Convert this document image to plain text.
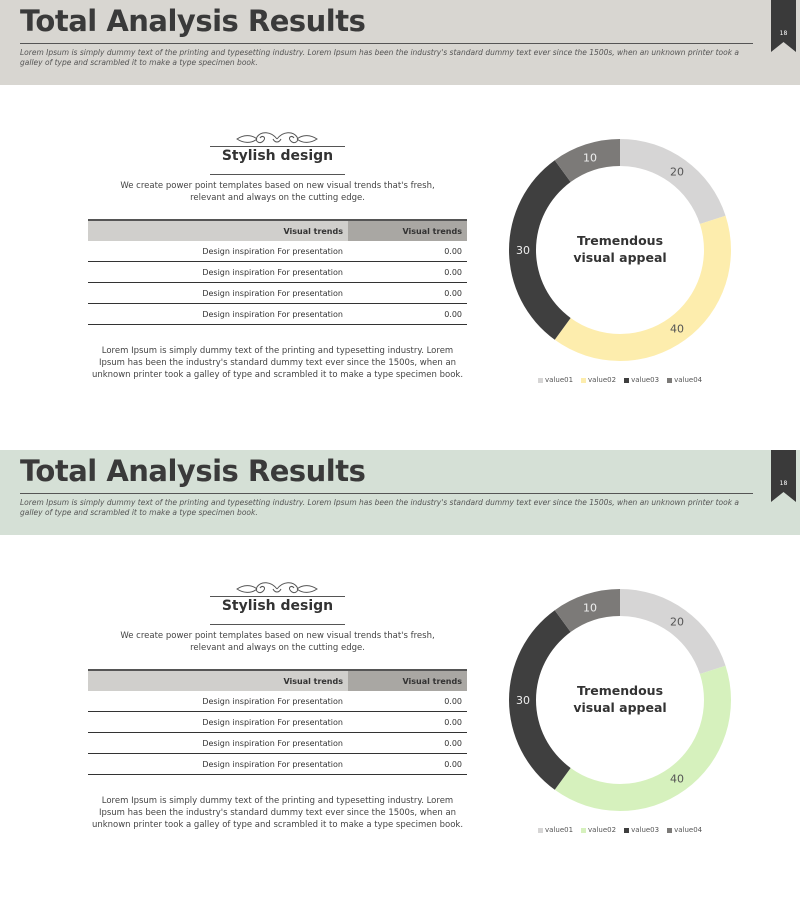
Total Analysis Results
Lorem Ipsum is simply dummy text of the printing and typesetting industry. Lorem Ipsum has been the industry's standard dummy text ever since the 1500s, when an unknown printer took a galley of type and scrambled it to make a type specimen book.
18
Stylish design
We create power point templates based on new visual trends that's fresh, relevant and always on the cutting edge.
Visual trends	Visual trends
Design inspiration For presentation	0.00
Design inspiration For presentation	0.00
Design inspiration For presentation	0.00
Design inspiration For presentation	0.00
Lorem Ipsum is simply dummy text of the printing and typesetting industry. Lorem Ipsum has been the industry's standard dummy text ever since the 1500s, when an unknown printer took a galley of type and scrambled it to make a type specimen book.
20
40
30
10
Tremendous
visual appeal
value01 value02 value03 value04
Total Analysis Results
Lorem Ipsum is simply dummy text of the printing and typesetting industry. Lorem Ipsum has been the industry's standard dummy text ever since the 1500s, when an unknown printer took a galley of type and scrambled it to make a type specimen book.
18
Stylish design
We create power point templates based on new visual trends that's fresh, relevant and always on the cutting edge.
Visual trends	Visual trends
Design inspiration For presentation	0.00
Design inspiration For presentation	0.00
Design inspiration For presentation	0.00
Design inspiration For presentation	0.00
Lorem Ipsum is simply dummy text of the printing and typesetting industry. Lorem Ipsum has been the industry's standard dummy text ever since the 1500s, when an unknown printer took a galley of type and scrambled it to make a type specimen book.
20
40
30
10
Tremendous
visual appeal
value01 value02 value03 value04
